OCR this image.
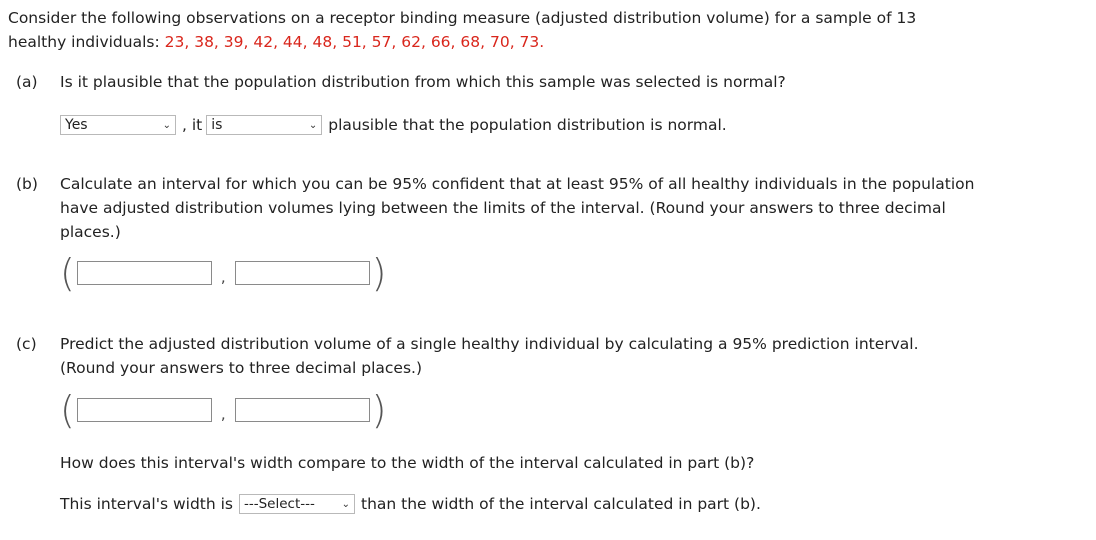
Consider the following observations on a receptor binding measure (adjusted distribution volume) for a sample of 13
healthy individuals: 23, 38, 39, 42, 44, 48, 51, 57, 62, 66, 68, 70, 73.
(a) Is it plausible that the population distribution from which this sample was selected is normal?
Yes	⌄ , it is	⌄ plausible that the population distribution is normal.
(b) Calculate an interval for which you can be 95% confident that at least 95% of all healthy individuals in the population
have adjusted distribution volumes lying between the limits of the interval. (Round your answers to three decimal
places.)
(	,	)
(c) Predict the adjusted distribution volume of a single healthy individual by calculating a 95% prediction interval.
(Round your answers to three decimal places.)
(	,	)
How does this interval's width compare to the width of the interval calculated in part (b)?
This interval's width is ---Select---	⌄ than the width of the interval calculated in part (b).
